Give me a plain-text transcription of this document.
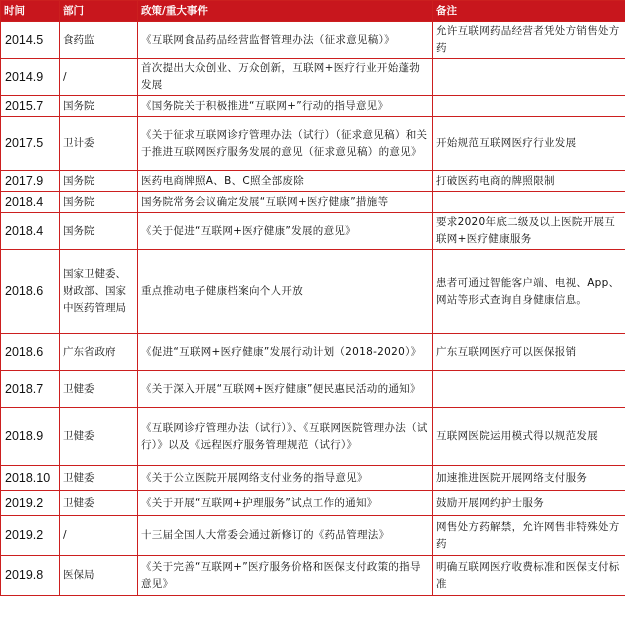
时间	部门	政策/重大事件	备注
2014.5	食药监	《互联网食品药品经营监督管理办法（征求意见稿）》	允许互联网药品经营者凭处方销售处方药
2014.9	/	首次提出大众创业、万众创新，互联网+医疗行业开始蓬勃发展	
2015.7	国务院	《国务院关于积极推进“互联网+”行动的指导意见》	
2017.5	卫计委	《关于征求互联网诊疗管理办法（试行）（征求意见稿）和关于推进互联网医疗服务发展的意见（征求意见稿）的意见》	开始规范互联网医疗行业发展
2017.9	国务院	医药电商牌照A、B、C照全部废除	打破医药电商的牌照限制
2018.4	国务院	国务院常务会议确定发展“互联网+医疗健康”措施等	
2018.4	国务院	《关于促进“互联网+医疗健康”发展的意见》	要求2020年底二级及以上医院开展互联网+医疗健康服务
2018.6	国家卫健委、财政部、国家中医药管理局	重点推动电子健康档案向个人开放	患者可通过智能客户端、电视、App、网站等形式查询自身健康信息。
2018.6	广东省政府	《促进“互联网+医疗健康”发展行动计划（2018-2020）》	广东互联网医疗可以医保报销
2018.7	卫健委	《关于深入开展“互联网+医疗健康”便民惠民活动的通知》	
2018.9	卫健委	《互联网诊疗管理办法（试行）》、《互联网医院管理办法（试行）》以及《远程医疗服务管理规范（试行）》	互联网医院运用模式得以规范发展
2018.10	卫健委	《关于公立医院开展网络支付业务的指导意见》	加速推进医院开展网络支付服务
2019.2	卫健委	《关于开展“互联网+护理服务”试点工作的通知》	鼓励开展网约护士服务
2019.2	/	十三届全国人大常委会通过新修订的《药品管理法》	网售处方药解禁，允许网售非特殊处方药
2019.8	医保局	《关于完善“互联网+”医疗服务价格和医保支付政策的指导意见》	明确互联网医疗收费标准和医保支付标准
